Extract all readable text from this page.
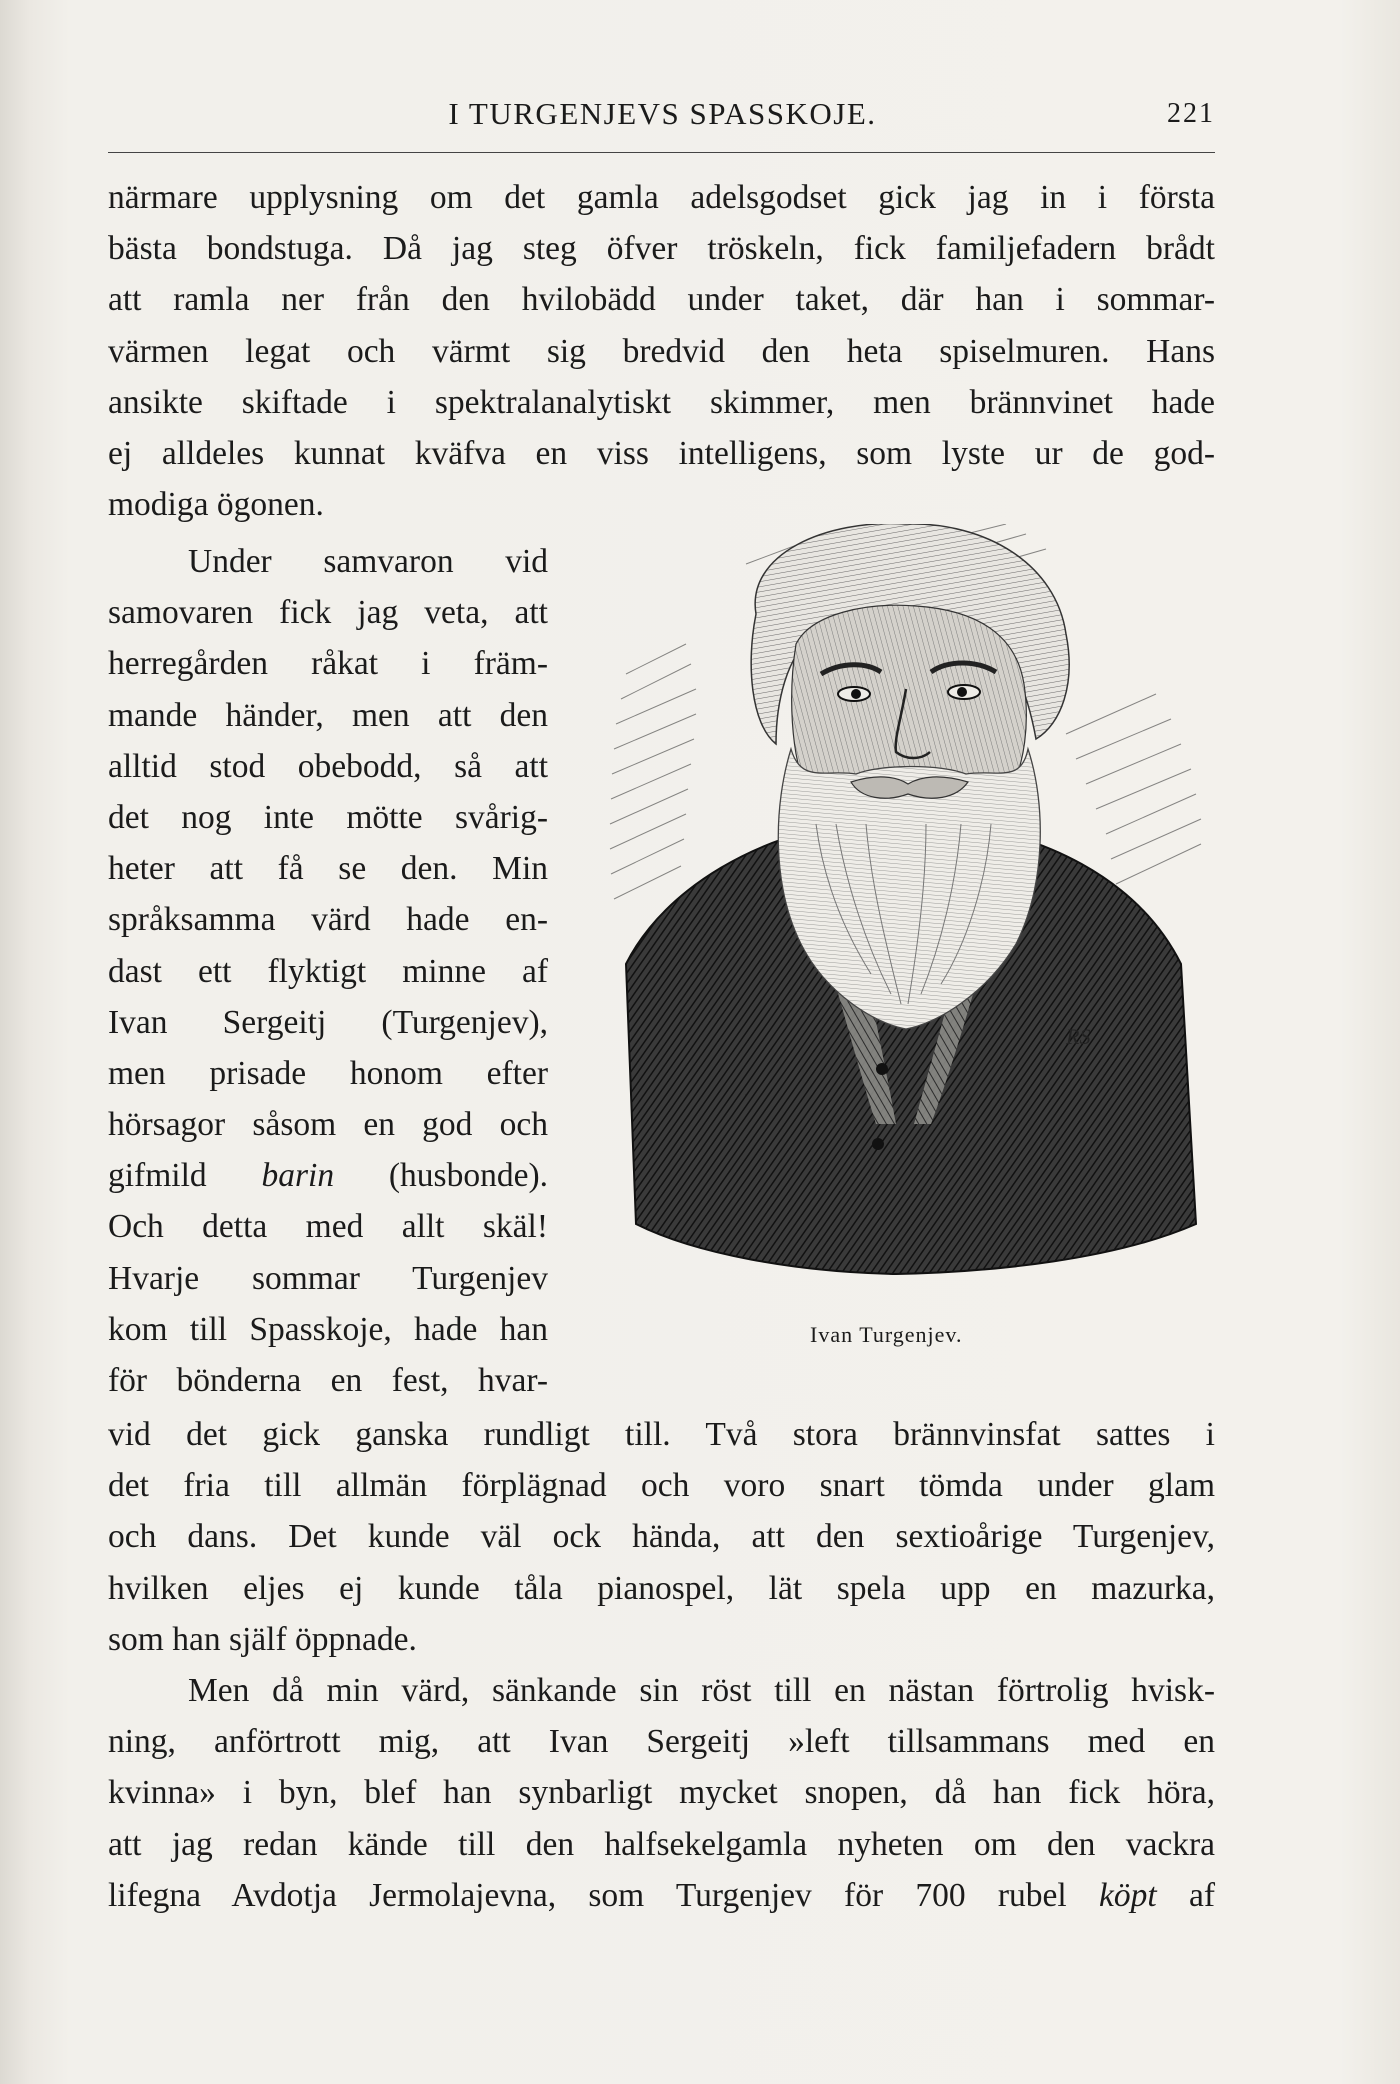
I TURGENJEVS SPASSKOJE.	221
närmare upplysning om det gamla adelsgodset gick jag in i första
bästa bondstuga. Då jag steg öfver tröskeln, fick familjefadern brådt
att ramla ner från den hvilobädd under taket, där han i sommar-
värmen legat och värmt sig bredvid den heta spiselmuren. Hans
ansikte skiftade i spektralanalytiskt skimmer, men brännvinet hade
ej alldeles kunnat kväfva en viss intelligens, som lyste ur de god-
modiga ögonen.
Under samvaron vid
samovaren fick jag veta, att
herregården råkat i främ-
mande händer, men att den
alltid stod obebodd, så att
det nog inte mötte svårig-
heter att få se den. Min
språksamma värd hade en-
dast ett flyktigt minne af
Ivan Sergeitj (Turgenjev),
men prisade honom efter
hörsagor såsom en god och
gifmild barin (husbonde).
Och detta med allt skäl!
Hvarje sommar Turgenjev
kom till Spasskoje, hade han
för bönderna en fest, hvar-
vid det gick ganska rundligt till. Två stora brännvinsfat sattes i
det fria till allmän förplägnad och voro snart tömda under glam
och dans. Det kunde väl ock hända, att den sextioårige Turgenjev,
hvilken eljes ej kunde tåla pianospel, lät spela upp en mazurka,
som han själf öppnade.
Men då min värd, sänkande sin röst till en nästan förtrolig hvisk-
ning, anförtrott mig, att Ivan Sergeitj »left tillsammans med en
kvinna» i byn, blef han synbarligt mycket snopen, då han fick höra,
att jag redan kände till den halfsekelgamla nyheten om den vackra
lifegna Avdotja Jermolajevna, som Turgenjev för 700 rubel köpt af
RS
Ivan Turgenjev.
